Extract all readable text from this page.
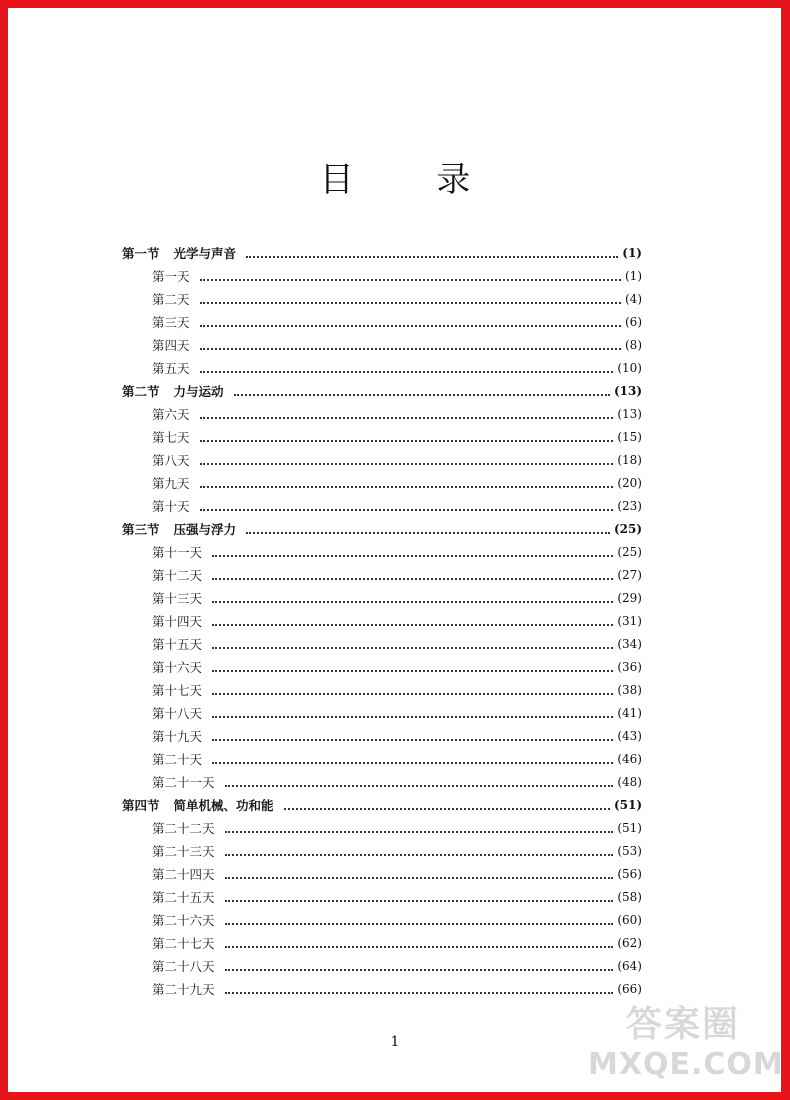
目 录
第一节 光学与声音	(1)
第一天	(1)
第二天	(4)
第三天	(6)
第四天	(8)
第五天	(10)
第二节 力与运动	(13)
第六天	(13)
第七天	(15)
第八天	(18)
第九天	(20)
第十天	(23)
第三节 压强与浮力	(25)
第十一天	(25)
第十二天	(27)
第十三天	(29)
第十四天	(31)
第十五天	(34)
第十六天	(36)
第十七天	(38)
第十八天	(41)
第十九天	(43)
第二十天	(46)
第二十一天	(48)
第四节 简单机械、功和能	(51)
第二十二天	(51)
第二十三天	(53)
第二十四天	(56)
第二十五天	(58)
第二十六天	(60)
第二十七天	(62)
第二十八天	(64)
第二十九天	(66)
1	答案圈
MXQE.COM
